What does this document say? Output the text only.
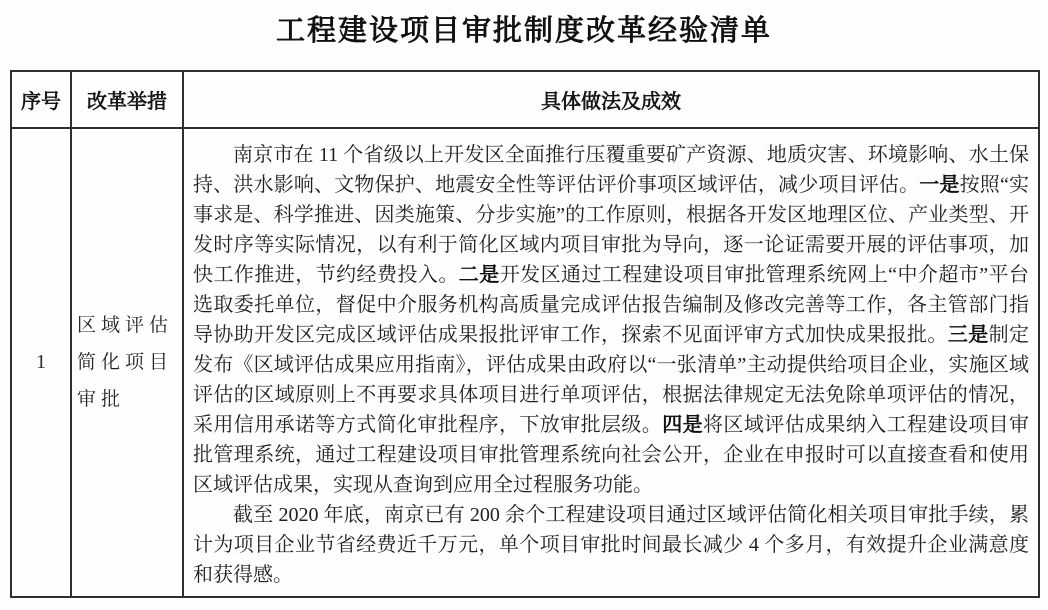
工程建设项目审批制度改革经验清单
序号	改革举措	具体做法及成效
1	区域评估简化项目审批	南京市在 11 个省级以上开发区全面推行压覆重要矿产资源、地质灾害、环境影响、水土保持、洪水影响、文物保护、地震安全性等评估评价事项区域评估，减少项目评估。一是按照“实事求是、科学推进、因类施策、分步实施”的工作原则，根据各开发区地理区位、产业类型、开发时序等实际情况，以有利于简化区域内项目审批为导向，逐一论证需要开展的评估事项，加快工作推进，节约经费投入。二是开发区通过工程建设项目审批管理系统网上“中介超市”平台选取委托单位，督促中介服务机构高质量完成评估报告编制及修改完善等工作，各主管部门指导协助开发区完成区域评估成果报批评审工作，探索不见面评审方式加快成果报批。三是制定发布《区域评估成果应用指南》，评估成果由政府以“一张清单”主动提供给项目企业，实施区域评估的区域原则上不再要求具体项目进行单项评估，根据法律规定无法免除单项评估的情况，采用信用承诺等方式简化审批程序，下放审批层级。四是将区域评估成果纳入工程建设项目审批管理系统，通过工程建设项目审批管理系统向社会公开，企业在申报时可以直接查看和使用区域评估成果，实现从查询到应用全过程服务功能。

截至 2020 年底，南京已有 200 余个工程建设项目通过区域评估简化相关项目审批手续，累计为项目企业节省经费近千万元，单个项目审批时间最长减少 4 个多月，有效提升企业满意度和获得感。
